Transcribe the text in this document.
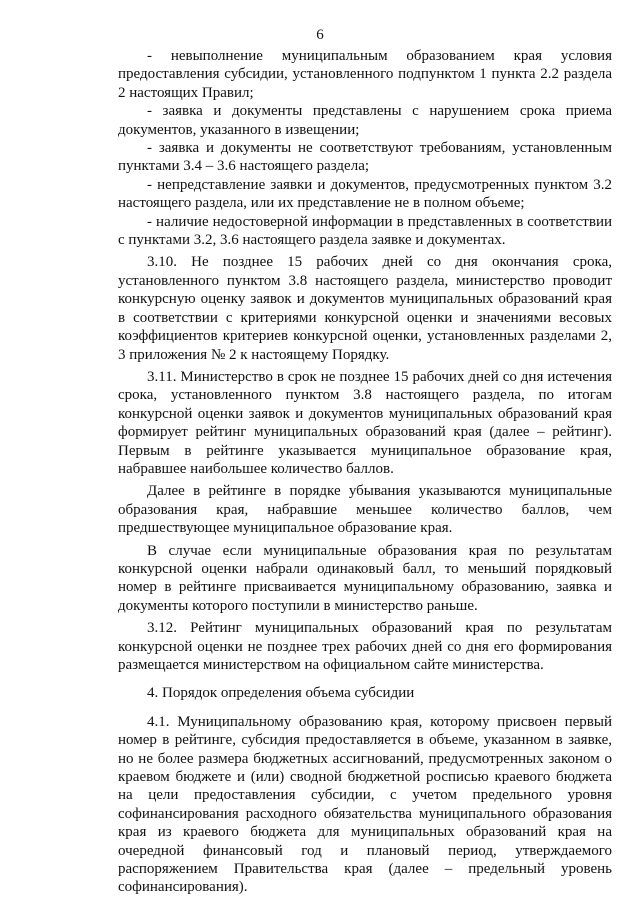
6

- невыполнение муниципальным образованием края условия предоставления субсидии, установленного подпунктом 1 пункта 2.2 раздела 2 настоящих Правил;

- заявка и документы представлены с нарушением срока приема документов, указанного в извещении;

- заявка и документы не соответствуют требованиям, установленным пунктами 3.4 – 3.6 настоящего раздела;

- непредставление заявки и документов, предусмотренных пунктом 3.2 настоящего раздела, или их представление не в полном объеме;

- наличие недостоверной информации в представленных в соответствии с пунктами 3.2, 3.6 настоящего раздела заявке и документах.

3.10. Не позднее 15 рабочих дней со дня окончания срока, установленного пунктом 3.8 настоящего раздела, министерство проводит конкурсную оценку заявок и документов муниципальных образований края в соответствии с критериями конкурсной оценки и значениями весовых коэффициентов критериев конкурсной оценки, установленных разделами 2, 3 приложения № 2 к настоящему Порядку.

3.11. Министерство в срок не позднее 15 рабочих дней со дня истечения срока, установленного пунктом 3.8 настоящего раздела, по итогам конкурсной оценки заявок и документов муниципальных образований края формирует рейтинг муниципальных образований края (далее – рейтинг). Первым в рейтинге указывается муниципальное образование края, набравшее наибольшее количество баллов.

Далее в рейтинге в порядке убывания указываются муниципальные образования края, набравшие меньшее количество баллов, чем предшествующее муниципальное образование края.

В случае если муниципальные образования края по результатам конкурсной оценки набрали одинаковый балл, то меньший порядковый номер в рейтинге присваивается муниципальному образованию, заявка и документы которого поступили в министерство раньше.

3.12. Рейтинг муниципальных образований края по результатам конкурсной оценки не позднее трех рабочих дней со дня его формирования размещается министерством на официальном сайте министерства.

4. Порядок определения объема субсидии

4.1. Муниципальному образованию края, которому присвоен первый номер в рейтинге, субсидия предоставляется в объеме, указанном в заявке, но не более размера бюджетных ассигнований, предусмотренных законом о краевом бюджете и (или) сводной бюджетной росписью краевого бюджета на цели предоставления субсидии, с учетом предельного уровня софинансирования расходного обязательства муниципального образования края из краевого бюджета для муниципальных образований края на очередной финансовый год и плановый период, утверждаемого распоряжением Правительства края (далее – предельный уровень софинансирования).
